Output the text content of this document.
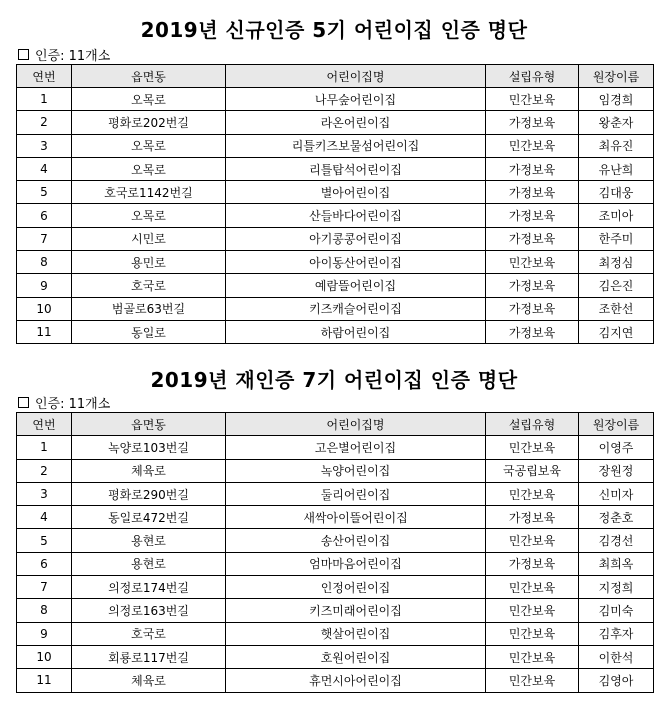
2019년 신규인증 5기 어린이집 인증 명단
인증: 11개소
연번	읍면동	어린이집명	설립유형	원장이름
1	오목로	나무숲어린이집	민간보육	임경희
2	평화로202번길	라온어린이집	가정보육	왕춘자
3	오목로	리틀키즈보물섬어린이집	민간보육	최유진
4	오목로	리틀탑석어린이집	가정보육	유난희
5	호국로1142번길	별아어린이집	가정보육	김대웅
6	오목로	산들바다어린이집	가정보육	조미아
7	시민로	아기콩콩어린이집	가정보육	한주미
8	용민로	아이동산어린이집	민간보육	최정심
9	호국로	예람뜰어린이집	가정보육	김은진
10	범골로63번길	키즈캐슬어린이집	가정보육	조한선
11	동일로	하람어린이집	가정보육	김지연
2019년 재인증 7기 어린이집 인증 명단
인증: 11개소
연번	읍면동	어린이집명	설립유형	원장이름
1	녹양로103번길	고은별어린이집	민간보육	이영주
2	체육로	녹양어린이집	국공립보육	장원정
3	평화로290번길	둘리어린이집	민간보육	신미자
4	동일로472번길	새싹아이뜰어린이집	가정보육	정춘호
5	용현로	송산어린이집	민간보육	김경선
6	용현로	엄마마음어린이집	가정보육	최희옥
7	의정로174번길	인정어린이집	민간보육	지정희
8	의정로163번길	키즈미래어린이집	민간보육	김미숙
9	호국로	햇살어린이집	민간보육	김후자
10	회룡로117번길	호원어린이집	민간보육	이한석
11	체육로	휴먼시아어린이집	민간보육	김영아
